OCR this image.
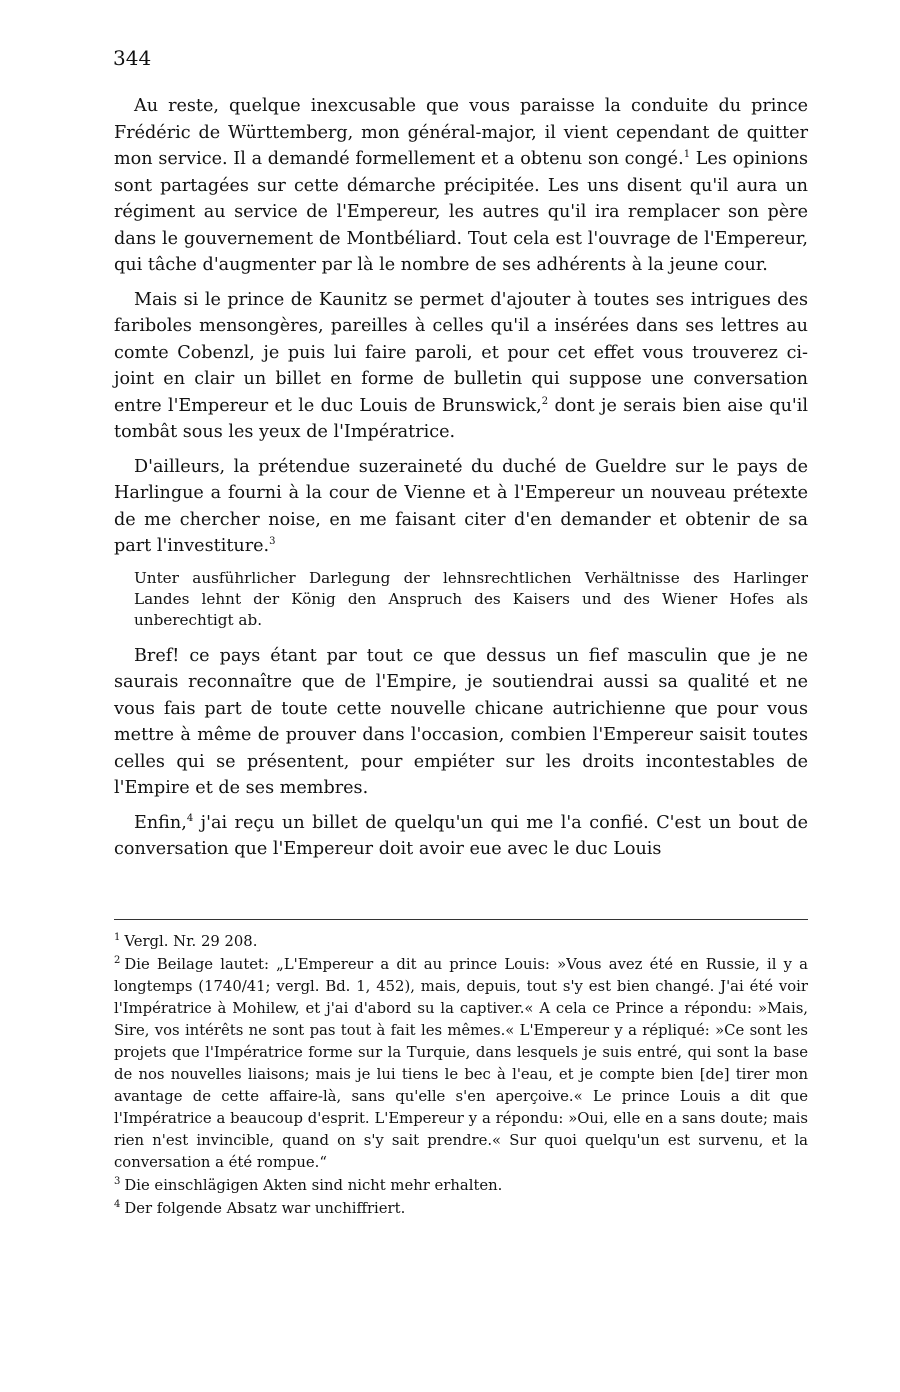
344

Au reste, quelque inexcusable que vous paraisse la conduite du prince Frédéric de Württemberg, mon général-major, il vient cependant de quitter mon service. Il a demandé formellement et a obtenu son congé.$^1$ Les opinions sont partagées sur cette démarche précipitée. Les uns disent qu'il aura un régiment au service de l'Empereur, les autres qu'il ira remplacer son père dans le gouvernement de Montbéliard. Tout cela est l'ouvrage de l'Empereur, qui tâche d'augmenter par là le nombre de ses adhérents à la jeune cour.

Mais si le prince de Kaunitz se permet d'ajouter à toutes ses intrigues des fariboles mensongères, pareilles à celles qu'il a insérées dans ses lettres au comte Cobenzl, je puis lui faire paroli, et pour cet effet vous trouverez ci-joint en clair un billet en forme de bulletin qui suppose une conversation entre l'Empereur et le duc Louis de Brunswick,$^2$ dont je serais bien aise qu'il tombât sous les yeux de l'Impératrice.

D'ailleurs, la prétendue suzeraineté du duché de Gueldre sur le pays de Harlingue a fourni à la cour de Vienne et à l'Empereur un nouveau prétexte de me chercher noise, en me faisant citer d'en demander et obtenir de sa part l'investiture.$^3$

Unter ausführlicher Darlegung der lehnsrechtlichen Verhältnisse des Harlinger Landes lehnt der König den Anspruch des Kaisers und des Wiener Hofes als unberechtigt ab.

Bref! ce pays étant par tout ce que dessus un fief masculin que je ne saurais reconnaître que de l'Empire, je soutiendrai aussi sa qualité et ne vous fais part de toute cette nouvelle chicane autrichienne que pour vous mettre à même de prouver dans l'occasion, combien l'Empereur saisit toutes celles qui se présentent, pour empiéter sur les droits incontestables de l'Empire et de ses membres.

Enfin,$^4$ j'ai reçu un billet de quelqu'un qui me l'a confié. C'est un bout de conversation que l'Empereur doit avoir eue avec le duc Louis

$^1$ Vergl. Nr. 29 208.

$^2$ Die Beilage lautet: „L'Empereur a dit au prince Louis: »Vous avez été en Russie, il y a longtemps (1740/41; vergl. Bd. 1, 452), mais, depuis, tout s'y est bien changé. J'ai été voir l'Impératrice à Mohilew, et j'ai d'abord su la captiver.« A cela ce Prince a répondu: »Mais, Sire, vos intérêts ne sont pas tout à fait les mêmes.« L'Empereur y a répliqué: »Ce sont les projets que l'Impératrice forme sur la Turquie, dans lesquels je suis entré, qui sont la base de nos nouvelles liaisons; mais je lui tiens le bec à l'eau, et je compte bien [de] tirer mon avantage de cette affaire-là, sans qu'elle s'en aperçoive.« Le prince Louis a dit que l'Impératrice a beaucoup d'esprit. L'Empereur y a répondu: »Oui, elle en a sans doute; mais rien n'est invincible, quand on s'y sait prendre.« Sur quoi quelqu'un est survenu, et la conversation a été rompue.“

$^3$ Die einschlägigen Akten sind nicht mehr erhalten.

$^4$ Der folgende Absatz war unchiffriert.
